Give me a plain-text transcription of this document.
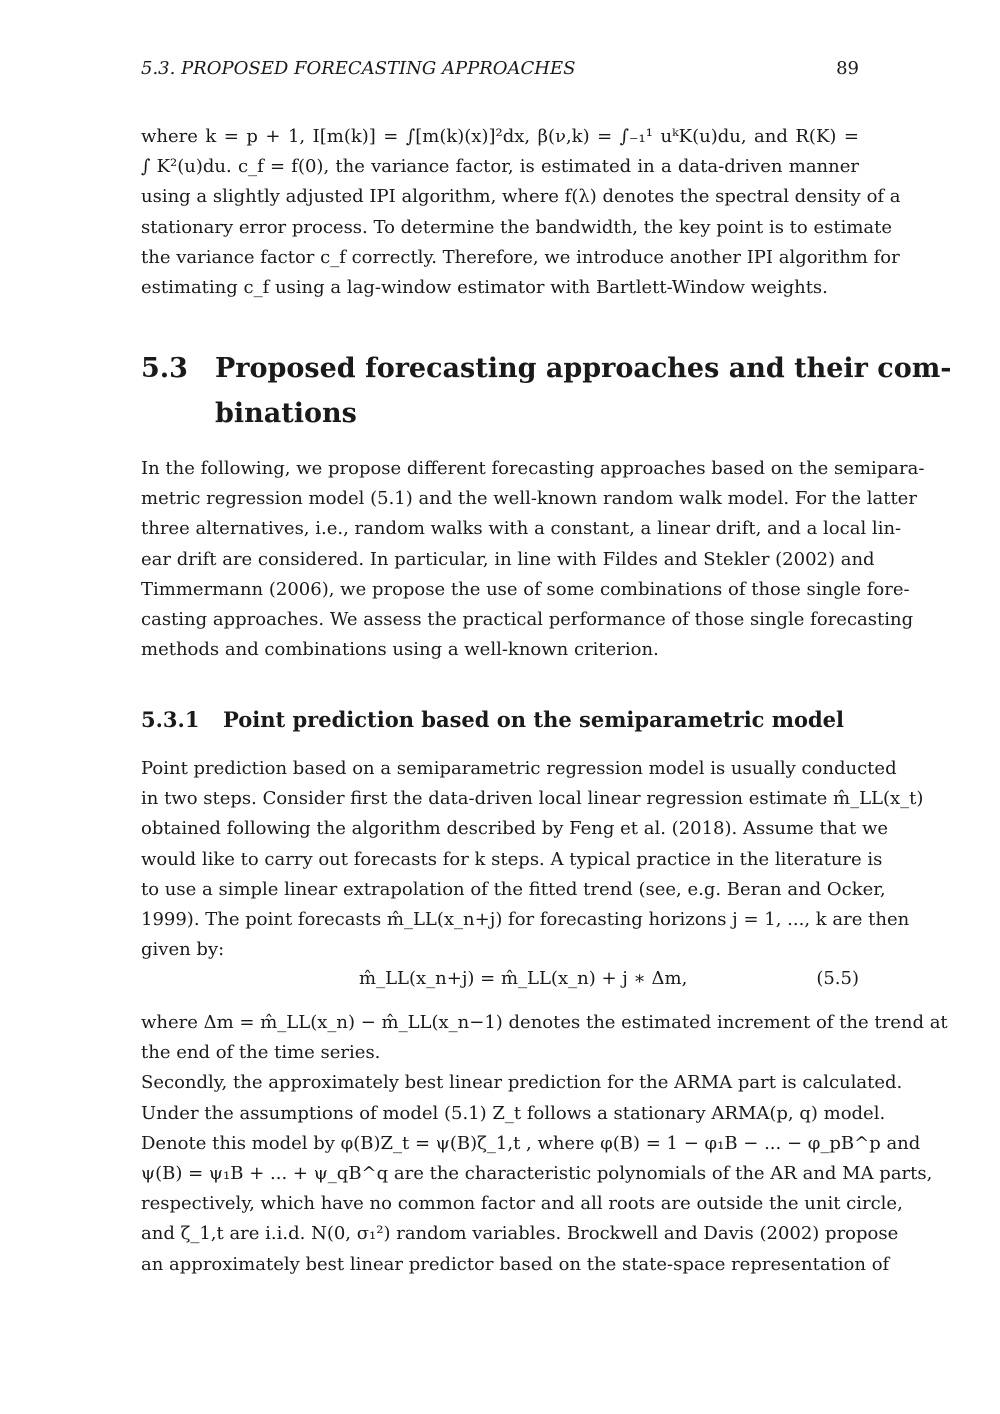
5.3. PROPOSED FORECASTING APPROACHES	89
where k = p + 1, I[m(k)] = ∫[m(k)(x)]²dx, β(ν,k) = ∫₋₁¹ uᵏK(u)du, and R(K) =
∫ K²(u)du. c_f = f(0), the variance factor, is estimated in a data-driven manner
using a slightly adjusted IPI algorithm, where f(λ) denotes the spectral density of a
stationary error process. To determine the bandwidth, the key point is to estimate
the variance factor c_f correctly. Therefore, we introduce another IPI algorithm for
estimating c_f using a lag-window estimator with Bartlett-Window weights.
5.3 Proposed forecasting approaches and their com-
binations
In the following, we propose different forecasting approaches based on the semipara-
metric regression model (5.1) and the well-known random walk model. For the latter
three alternatives, i.e., random walks with a constant, a linear drift, and a local lin-
ear drift are considered. In particular, in line with Fildes and Stekler (2002) and
Timmermann (2006), we propose the use of some combinations of those single fore-
casting approaches. We assess the practical performance of those single forecasting
methods and combinations using a well-known criterion.
5.3.1 Point prediction based on the semiparametric model
Point prediction based on a semiparametric regression model is usually conducted
in two steps. Consider first the data-driven local linear regression estimate m̂_LL(x_t)
obtained following the algorithm described by Feng et al. (2018). Assume that we
would like to carry out forecasts for k steps. A typical practice in the literature is
to use a simple linear extrapolation of the fitted trend (see, e.g. Beran and Ocker,
1999). The point forecasts m̂_LL(x_n+j) for forecasting horizons j = 1, ..., k are then
given by:
m̂_LL(x_n+j) = m̂_LL(x_n) + j ∗ Δm,	(5.5)
where Δm = m̂_LL(x_n) − m̂_LL(x_n−1) denotes the estimated increment of the trend at
the end of the time series.
Secondly, the approximately best linear prediction for the ARMA part is calculated.
Under the assumptions of model (5.1) Z_t follows a stationary ARMA(p, q) model.
Denote this model by φ(B)Z_t = ψ(B)ζ_1,t , where φ(B) = 1 − φ₁B − ... − φ_pB^p and
ψ(B) = ψ₁B + ... + ψ_qB^q are the characteristic polynomials of the AR and MA parts,
respectively, which have no common factor and all roots are outside the unit circle,
and ζ_1,t are i.i.d. N(0, σ₁²) random variables. Brockwell and Davis (2002) propose
an approximately best linear predictor based on the state-space representation of
